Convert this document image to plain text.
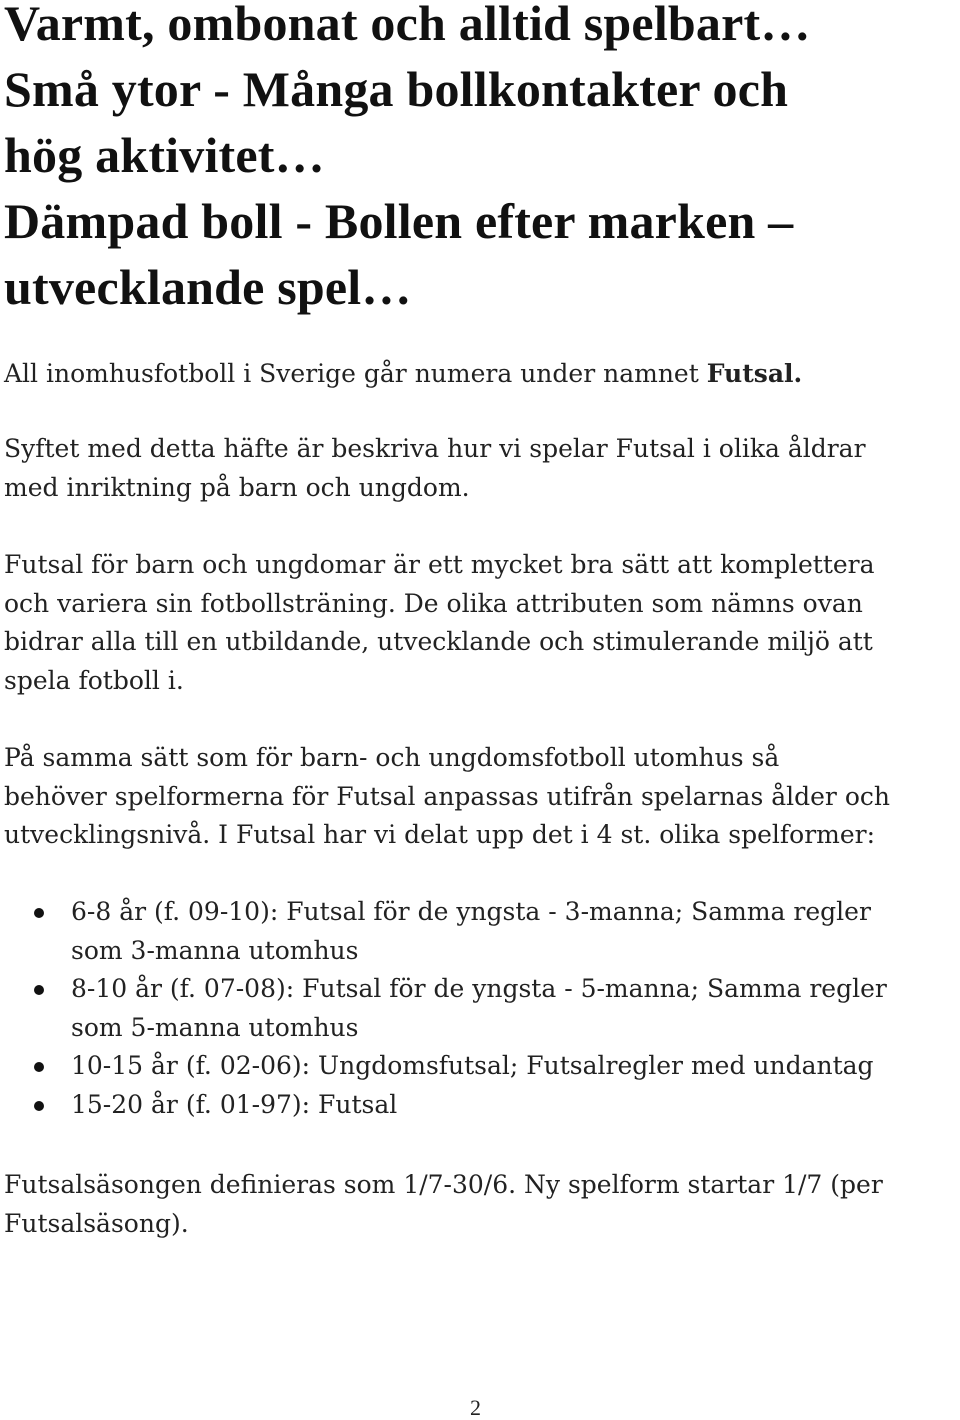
Varmt, ombonat och alltid spelbart…
Små ytor - Många bollkontakter och
hög aktivitet…
Dämpad boll - Bollen efter marken –
utvecklande spel…

All inomhusfotboll i Sverige går numera under namnet Futsal.

Syftet med detta häfte är beskriva hur vi spelar Futsal i olika åldrar
med inriktning på barn och ungdom.

Futsal för barn och ungdomar är ett mycket bra sätt att komplettera
och variera sin fotbollsträning. De olika attributen som nämns ovan
bidrar alla till en utbildande, utvecklande och stimulerande miljö att
spela fotboll i.

På samma sätt som för barn- och ungdomsfotboll utomhus så
behöver spelformerna för Futsal anpassas utifrån spelarnas ålder och
utvecklingsnivå. I Futsal har vi delat upp det i 4 st. olika spelformer:

6-8 år (f. 09-10): Futsal för de yngsta - 3-manna; Samma regler
som 3-manna utomhus
8-10 år (f. 07-08): Futsal för de yngsta - 5-manna; Samma regler
som 5-manna utomhus
10-15 år (f. 02-06): Ungdomsfutsal; Futsalregler med undantag
15-20 år (f. 01-97): Futsal

Futsalsäsongen definieras som 1/7-30/6. Ny spelform startar 1/7 (per
Futsalsäsong).

2
